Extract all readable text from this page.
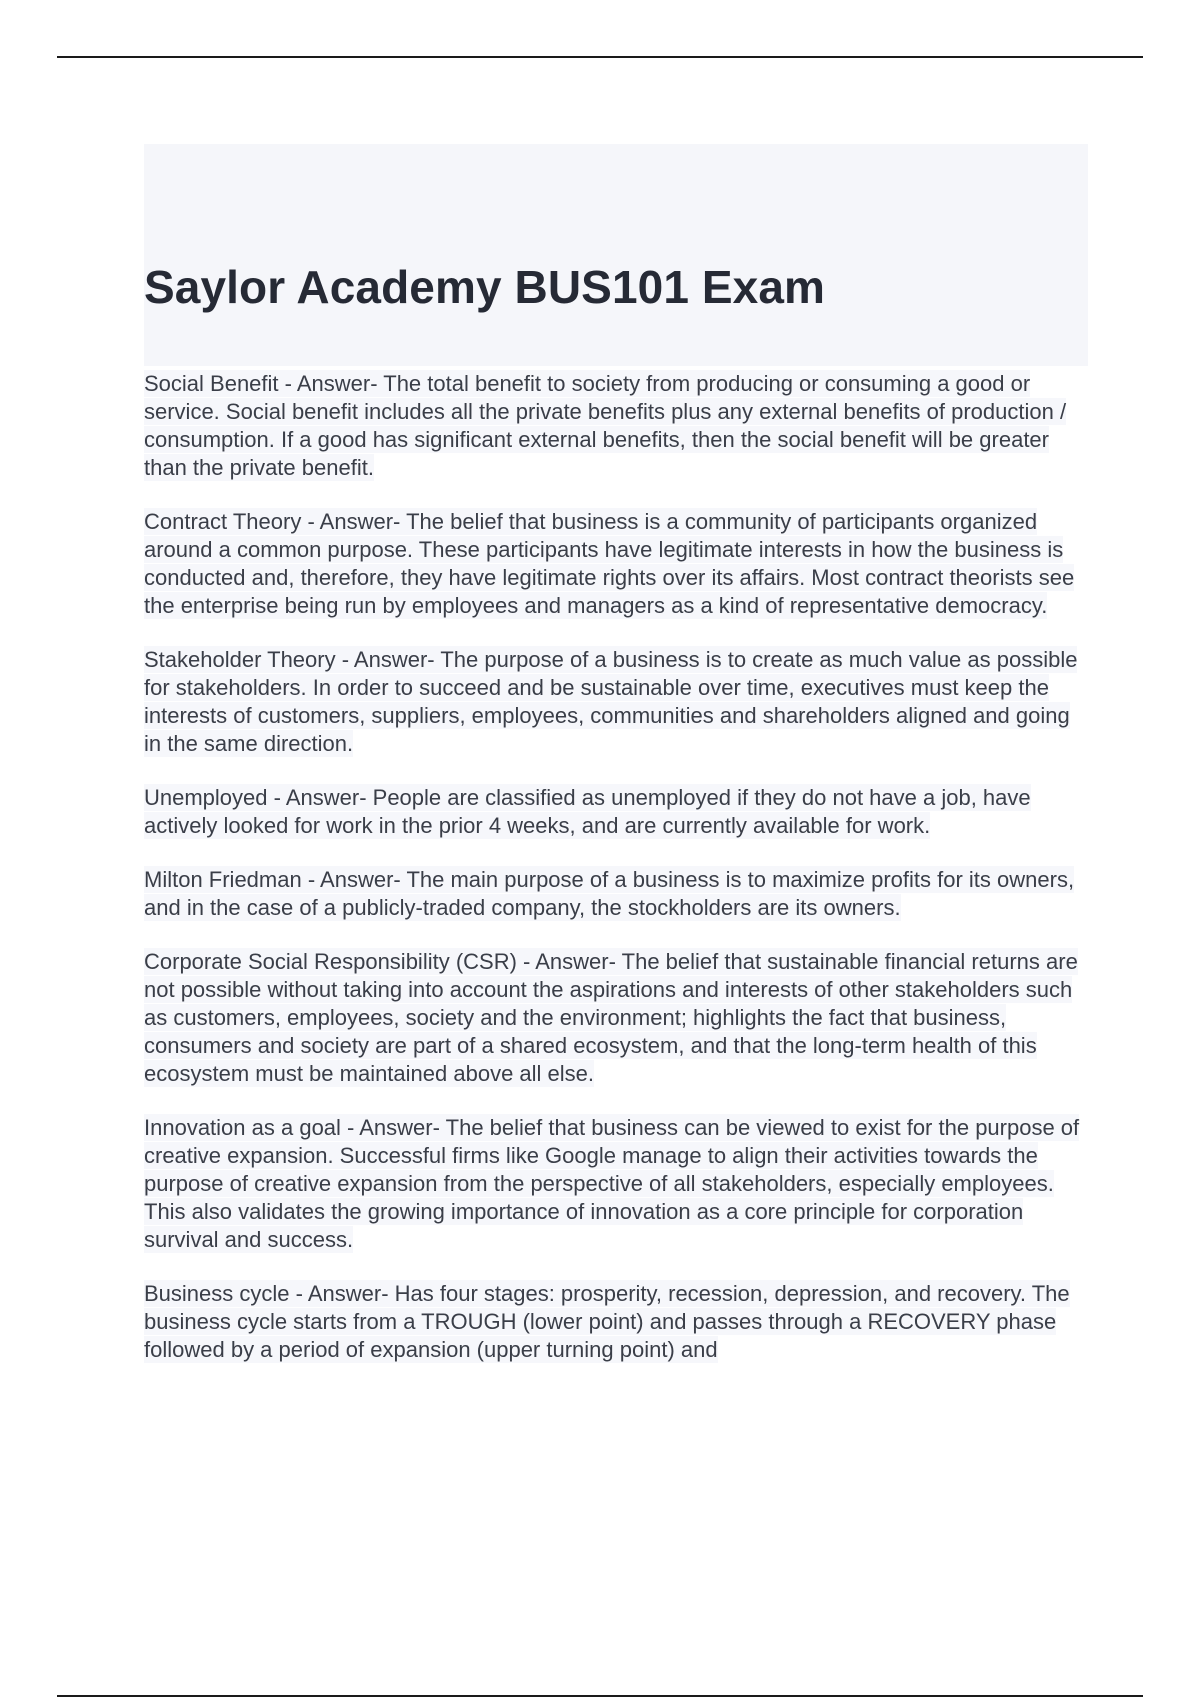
Saylor Academy BUS101 Exam

Social Benefit - Answer- The total benefit to society from producing or consuming a good or service. Social benefit includes all the private benefits plus any external benefits of production / consumption. If a good has significant external benefits, then the social benefit will be greater than the private benefit.

Contract Theory - Answer- The belief that business is a community of participants organized around a common purpose. These participants have legitimate interests in how the business is conducted and, therefore, they have legitimate rights over its affairs. Most contract theorists see the enterprise being run by employees and managers as a kind of representative democracy.

Stakeholder Theory - Answer- The purpose of a business is to create as much value as possible for stakeholders. In order to succeed and be sustainable over time, executives must keep the interests of customers, suppliers, employees, communities and shareholders aligned and going in the same direction.

Unemployed - Answer- People are classified as unemployed if they do not have a job, have actively looked for work in the prior 4 weeks, and are currently available for work.

Milton Friedman - Answer- The main purpose of a business is to maximize profits for its owners, and in the case of a publicly-traded company, the stockholders are its owners.

Corporate Social Responsibility (CSR) - Answer- The belief that sustainable financial returns are not possible without taking into account the aspirations and interests of other stakeholders such as customers, employees, society and the environment; highlights the fact that business, consumers and society are part of a shared ecosystem, and that the long-term health of this ecosystem must be maintained above all else.

Innovation as a goal - Answer- The belief that business can be viewed to exist for the purpose of creative expansion. Successful firms like Google manage to align their activities towards the purpose of creative expansion from the perspective of all stakeholders, especially employees. This also validates the growing importance of innovation as a core principle for corporation survival and success.

Business cycle - Answer- Has four stages: prosperity, recession, depression, and recovery. The business cycle starts from a TROUGH (lower point) and passes through a RECOVERY phase followed by a period of expansion (upper turning point) and
